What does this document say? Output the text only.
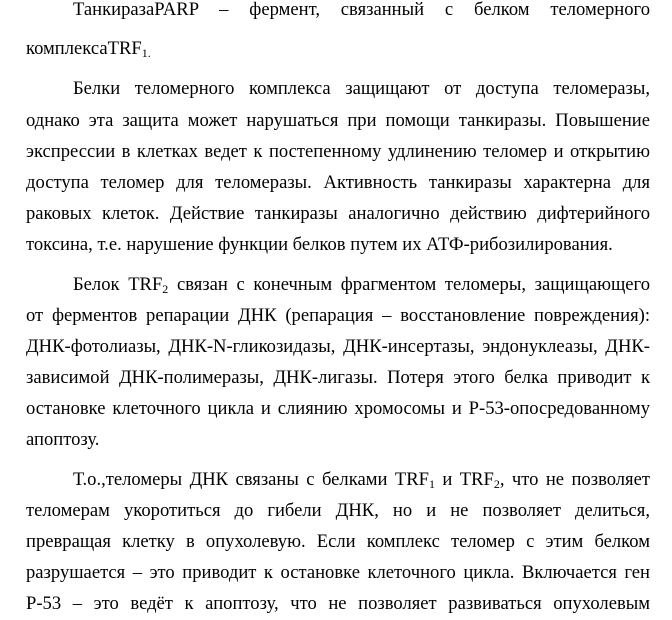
ТанкиразаPARP – фермент, связанный с белком теломерного
комплексаTRF$_{1.}$
Белки теломерного комплекса защищают от доступа теломеразы,
однако эта защита может нарушаться при помощи танкиразы. Повышение
экспрессии в клетках ведет к постепенному удлинению теломер и открытию
доступа теломер для теломеразы. Активность танкиразы характерна для
раковых клеток. Действие танкиразы аналогично действию дифтерийного
токсина, т.е. нарушение функции белков путем их АТФ-рибозилирования.
Белок $TRF_2$ связан с конечным фрагментом теломеры, защищающего
от ферментов репарации ДНК (репарация – восстановление повреждения):
ДНК-фотолиазы, ДНК-N-гликозидазы, ДНК-инсертазы, эндонуклеазы, ДНК-
зависимой ДНК-полимеразы, ДНК-лигазы. Потеря этого белка приводит к
остановке клеточного цикла и слиянию хромосомы и Р-53-опосредованному
апоптозу.
Т.о.,теломеры ДНК связаны с белками $TRF_1$ и $TRF_2$, что не позволяет
теломерам укоротиться до гибели ДНК, но и не позволяет делиться,
превращая клетку в опухолевую. Если комплекс теломер с этим белком
разрушается – это приводит к остановке клеточного цикла. Включается ген
Р-53 – это ведёт к апоптозу, что не позволяет развиваться опухолевым
